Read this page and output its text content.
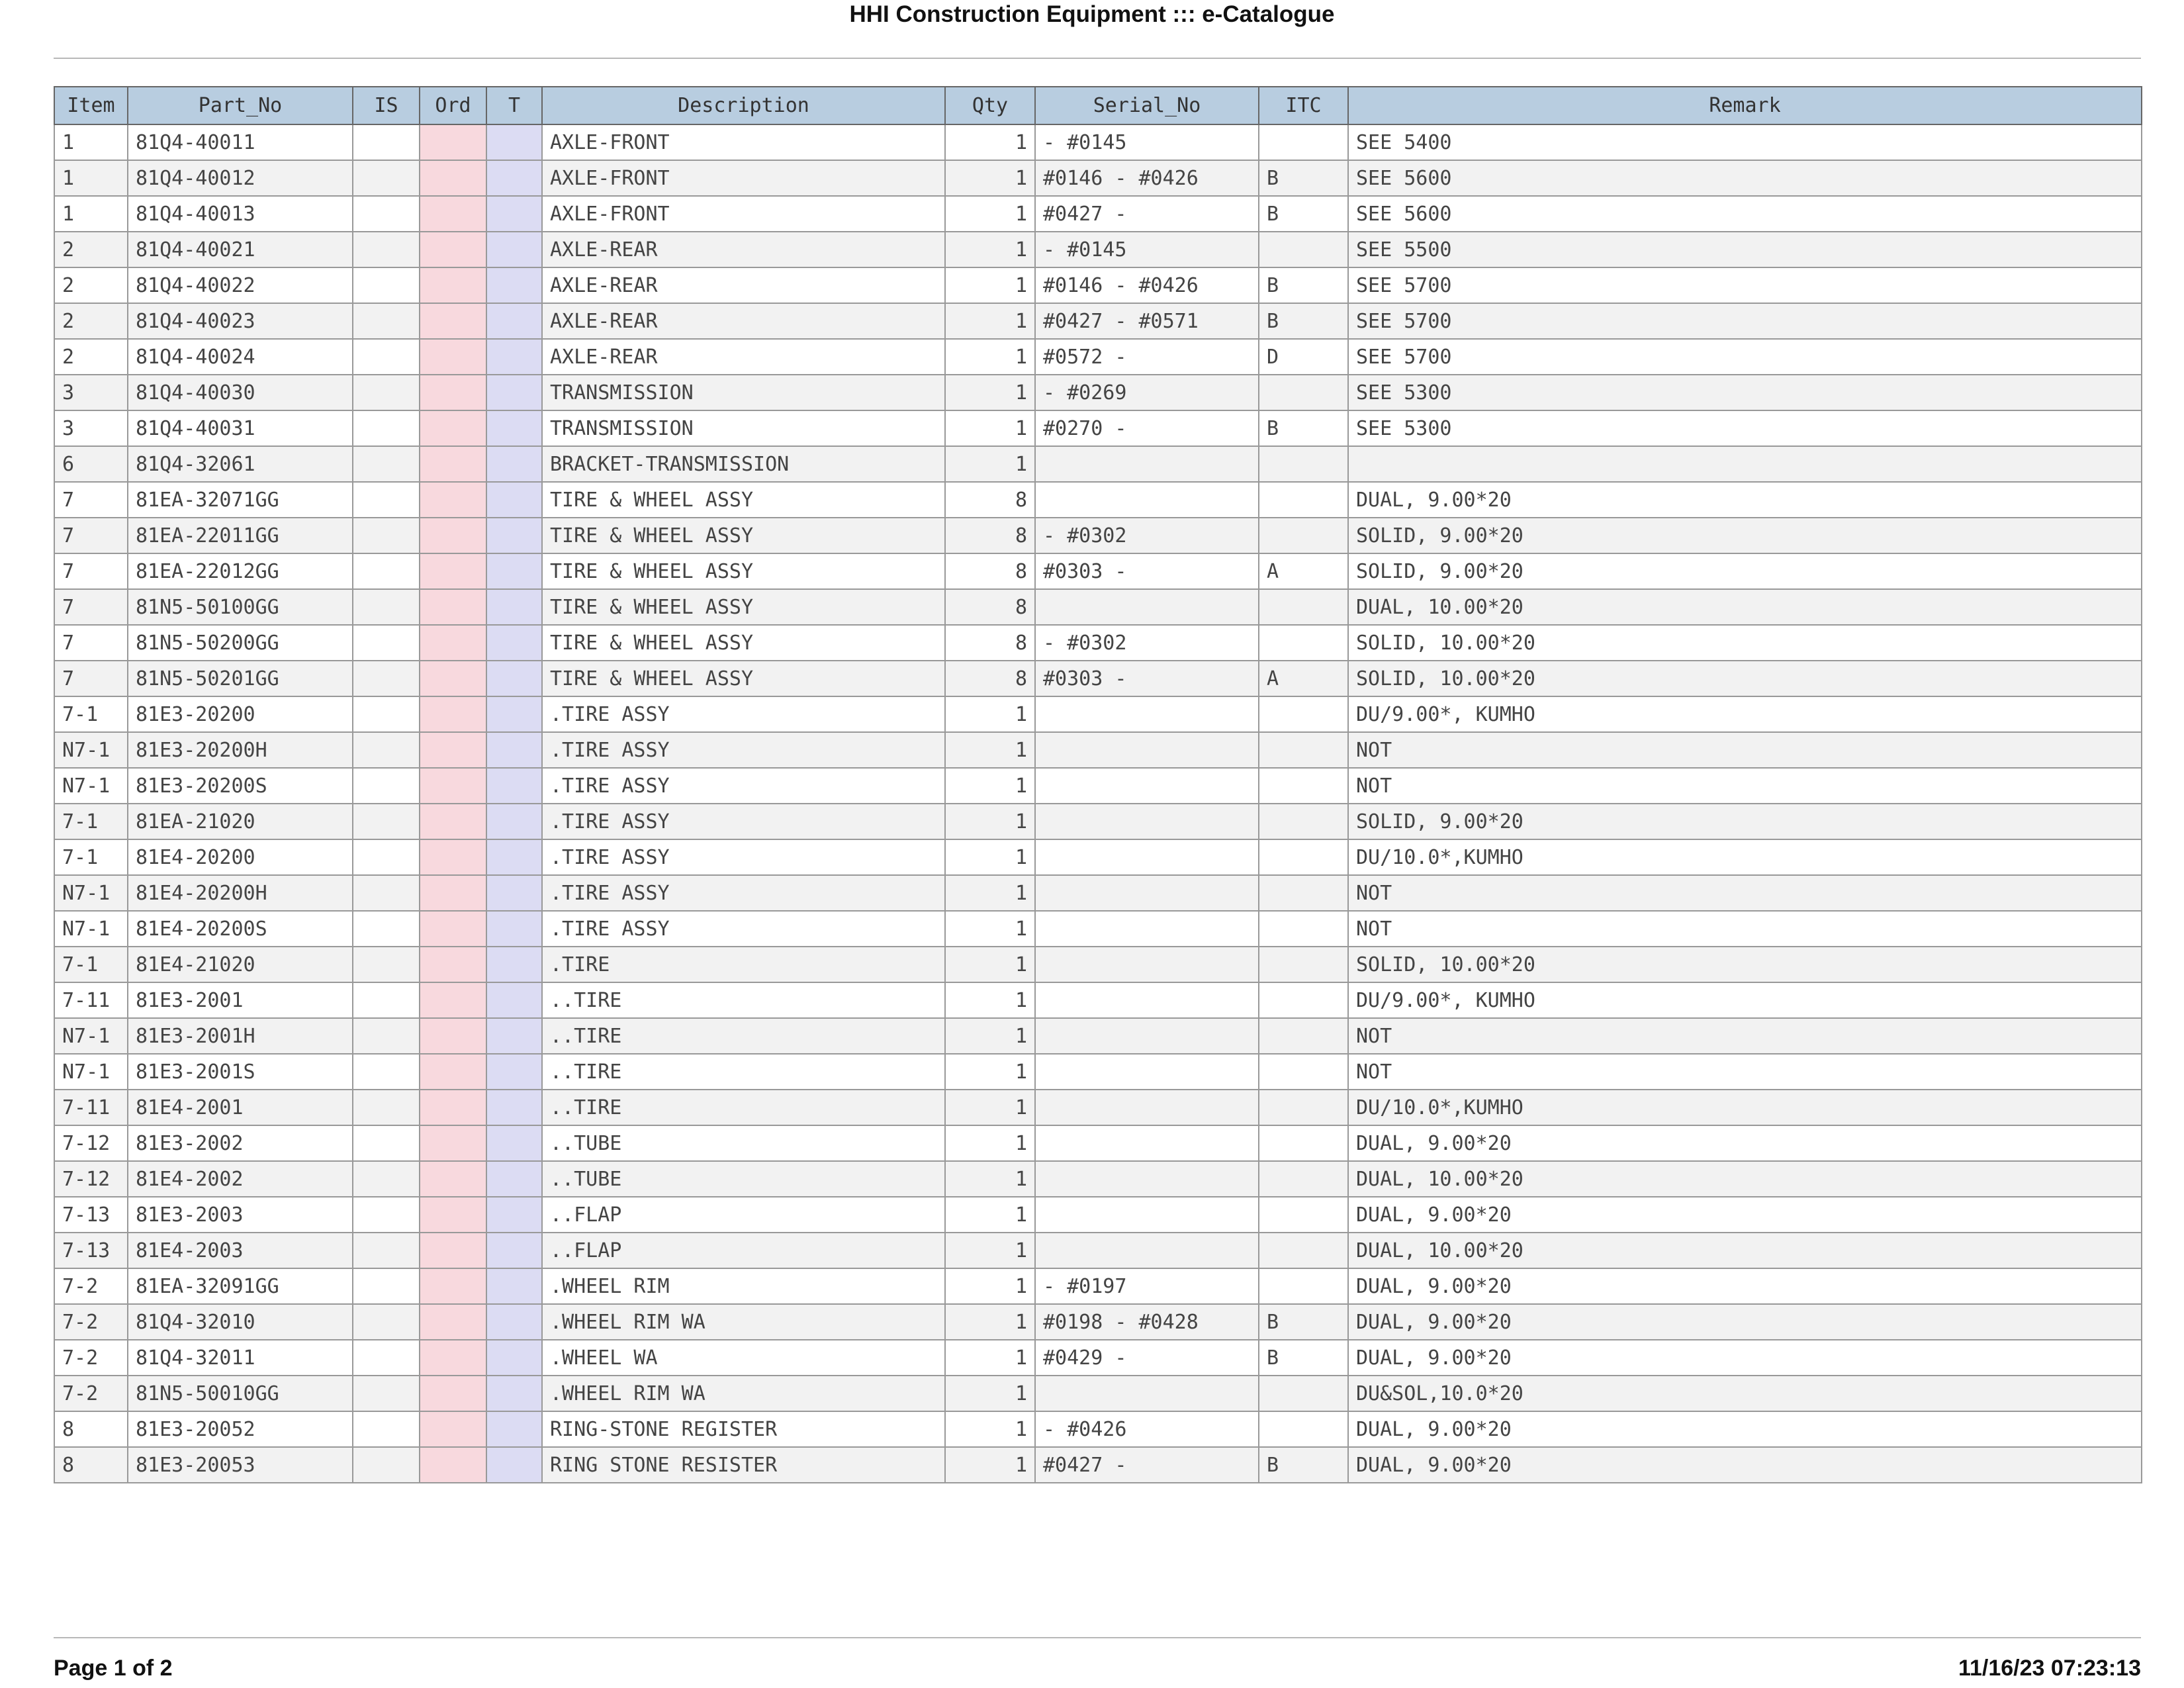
HHI Construction Equipment ::: e-Catalogue
Item	Part_No	IS	Ord	T	Description	Qty	Serial_No	ITC	Remark
1	81Q4-40011				AXLE-FRONT	1	- #0145		SEE 5400
1	81Q4-40012				AXLE-FRONT	1	#0146 - #0426	B	SEE 5600
1	81Q4-40013				AXLE-FRONT	1	#0427 -	B	SEE 5600
2	81Q4-40021				AXLE-REAR	1	- #0145		SEE 5500
2	81Q4-40022				AXLE-REAR	1	#0146 - #0426	B	SEE 5700
2	81Q4-40023				AXLE-REAR	1	#0427 - #0571	B	SEE 5700
2	81Q4-40024				AXLE-REAR	1	#0572 -	D	SEE 5700
3	81Q4-40030				TRANSMISSION	1	- #0269		SEE 5300
3	81Q4-40031				TRANSMISSION	1	#0270 -	B	SEE 5300
6	81Q4-32061				BRACKET-TRANSMISSION	1			
7	81EA-32071GG				TIRE & WHEEL ASSY	8			DUAL, 9.00*20
7	81EA-22011GG				TIRE & WHEEL ASSY	8	- #0302		SOLID, 9.00*20
7	81EA-22012GG				TIRE & WHEEL ASSY	8	#0303 -	A	SOLID, 9.00*20
7	81N5-50100GG				TIRE & WHEEL ASSY	8			DUAL, 10.00*20
7	81N5-50200GG				TIRE & WHEEL ASSY	8	- #0302		SOLID, 10.00*20
7	81N5-50201GG				TIRE & WHEEL ASSY	8	#0303 -	A	SOLID, 10.00*20
7-1	81E3-20200				.TIRE ASSY	1			DU/9.00*, KUMHO
N7-1	81E3-20200H				.TIRE ASSY	1			NOT
N7-1	81E3-20200S				.TIRE ASSY	1			NOT
7-1	81EA-21020				.TIRE ASSY	1			SOLID, 9.00*20
7-1	81E4-20200				.TIRE ASSY	1			DU/10.0*,KUMHO
N7-1	81E4-20200H				.TIRE ASSY	1			NOT
N7-1	81E4-20200S				.TIRE ASSY	1			NOT
7-1	81E4-21020				.TIRE	1			SOLID, 10.00*20
7-11	81E3-2001				..TIRE	1			DU/9.00*, KUMHO
N7-1	81E3-2001H				..TIRE	1			NOT
N7-1	81E3-2001S				..TIRE	1			NOT
7-11	81E4-2001				..TIRE	1			DU/10.0*,KUMHO
7-12	81E3-2002				..TUBE	1			DUAL, 9.00*20
7-12	81E4-2002				..TUBE	1			DUAL, 10.00*20
7-13	81E3-2003				..FLAP	1			DUAL, 9.00*20
7-13	81E4-2003				..FLAP	1			DUAL, 10.00*20
7-2	81EA-32091GG				.WHEEL RIM	1	- #0197		DUAL, 9.00*20
7-2	81Q4-32010				.WHEEL RIM WA	1	#0198 - #0428	B	DUAL, 9.00*20
7-2	81Q4-32011				.WHEEL WA	1	#0429 -	B	DUAL, 9.00*20
7-2	81N5-50010GG				.WHEEL RIM WA	1			DU&SOL,10.0*20
8	81E3-20052				RING-STONE REGISTER	1	- #0426		DUAL, 9.00*20
8	81E3-20053				RING STONE RESISTER	1	#0427 -	B	DUAL, 9.00*20
Page 1 of 2	11/16/23 07:23:13
